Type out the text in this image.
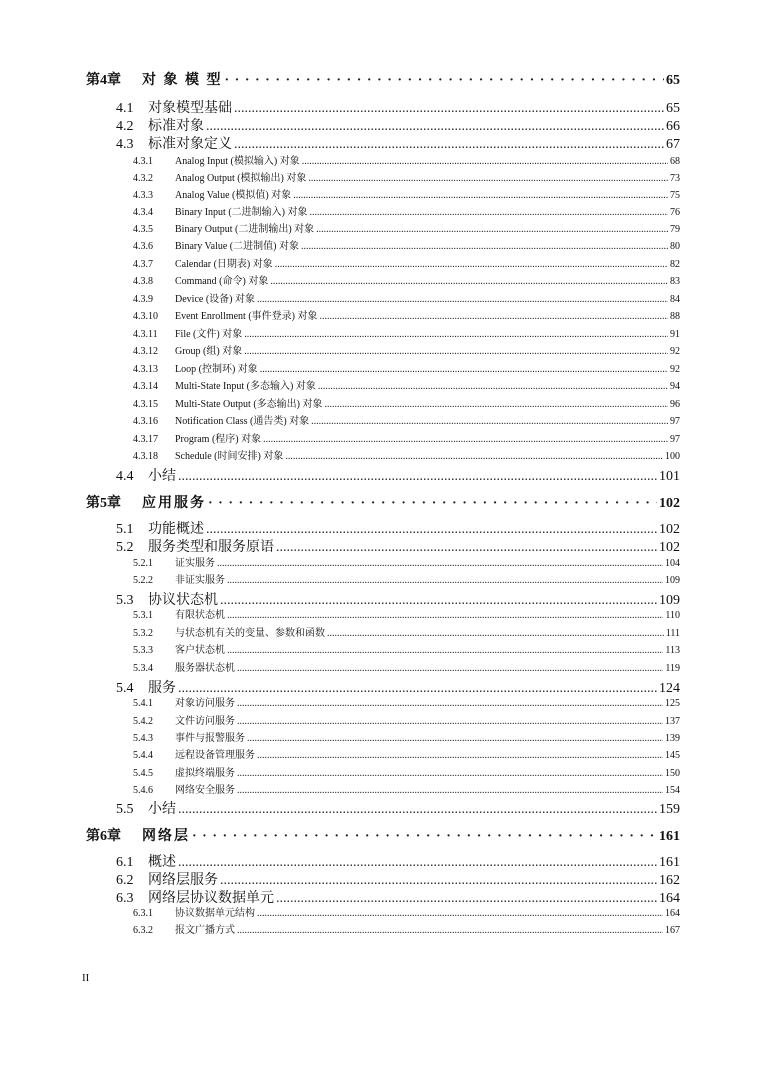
第4章	对 象 模 型 · · ·	65
4.1	对象模型基础 .....	65
4.2	标准对象 .....	66
4.3	标准对象定义 .....	67
4.3.1	Analog Input (模拟输入) 对象 .....	68
4.3.2	Analog Output (模拟输出) 对象 .....	73
4.3.3	Analog Value (模拟值) 对象 .....	75
4.3.4	Binary Input (二进制输入) 对象 .....	76
4.3.5	Binary Output (二进制输出) 对象 .....	79
4.3.6	Binary Value (二进制值) 对象 .....	80
4.3.7	Calendar (日期表) 对象 .....	82
4.3.8	Command (命令) 对象 .....	83
4.3.9	Device (设备) 对象 .....	84
4.3.10	Event Enrollment (事件登录) 对象 .....	88
4.3.11	File (文件) 对象 .....	91
4.3.12	Group (组) 对象 .....	92
4.3.13	Loop (控制环) 对象 .....	92
4.3.14	Multi-State Input (多态输入) 对象 .....	94
4.3.15	Multi-State Output (多态输出) 对象 .....	96
4.3.16	Notification Class (通告类) 对象 .....	97
4.3.17	Program (程序) 对象 .....	97
4.3.18	Schedule (时间安排) 对象 .....	100
4.4	小结 .....	101
第5章	应用服务 · · ·	102
5.1	功能概述 .....	102
5.2	服务类型和服务原语 .....	102
5.2.1	证实服务 .....	104
5.2.2	非证实服务 .....	109
5.3	协议状态机 .....	109
5.3.1	有限状态机 .....	110
5.3.2	与状态机有关的变量、参数和函数 .....	111
5.3.3	客户状态机 .....	113
5.3.4	服务器状态机 .....	119
5.4	服务 .....	124
5.4.1	对象访问服务 .....	125
5.4.2	文件访问服务 .....	137
5.4.3	事件与报警服务 .....	139
5.4.4	远程设备管理服务 .....	145
5.4.5	虚拟终端服务 .....	150
5.4.6	网络安全服务 .....	154
5.5	小结 .....	159
第6章	网络层 · · ·	161
6.1	概述 .....	161
6.2	网络层服务 .....	162
6.3	网络层协议数据单元 .....	164
6.3.1	协议数据单元结构 .....	164
6.3.2	报文广播方式 .....	167
II
